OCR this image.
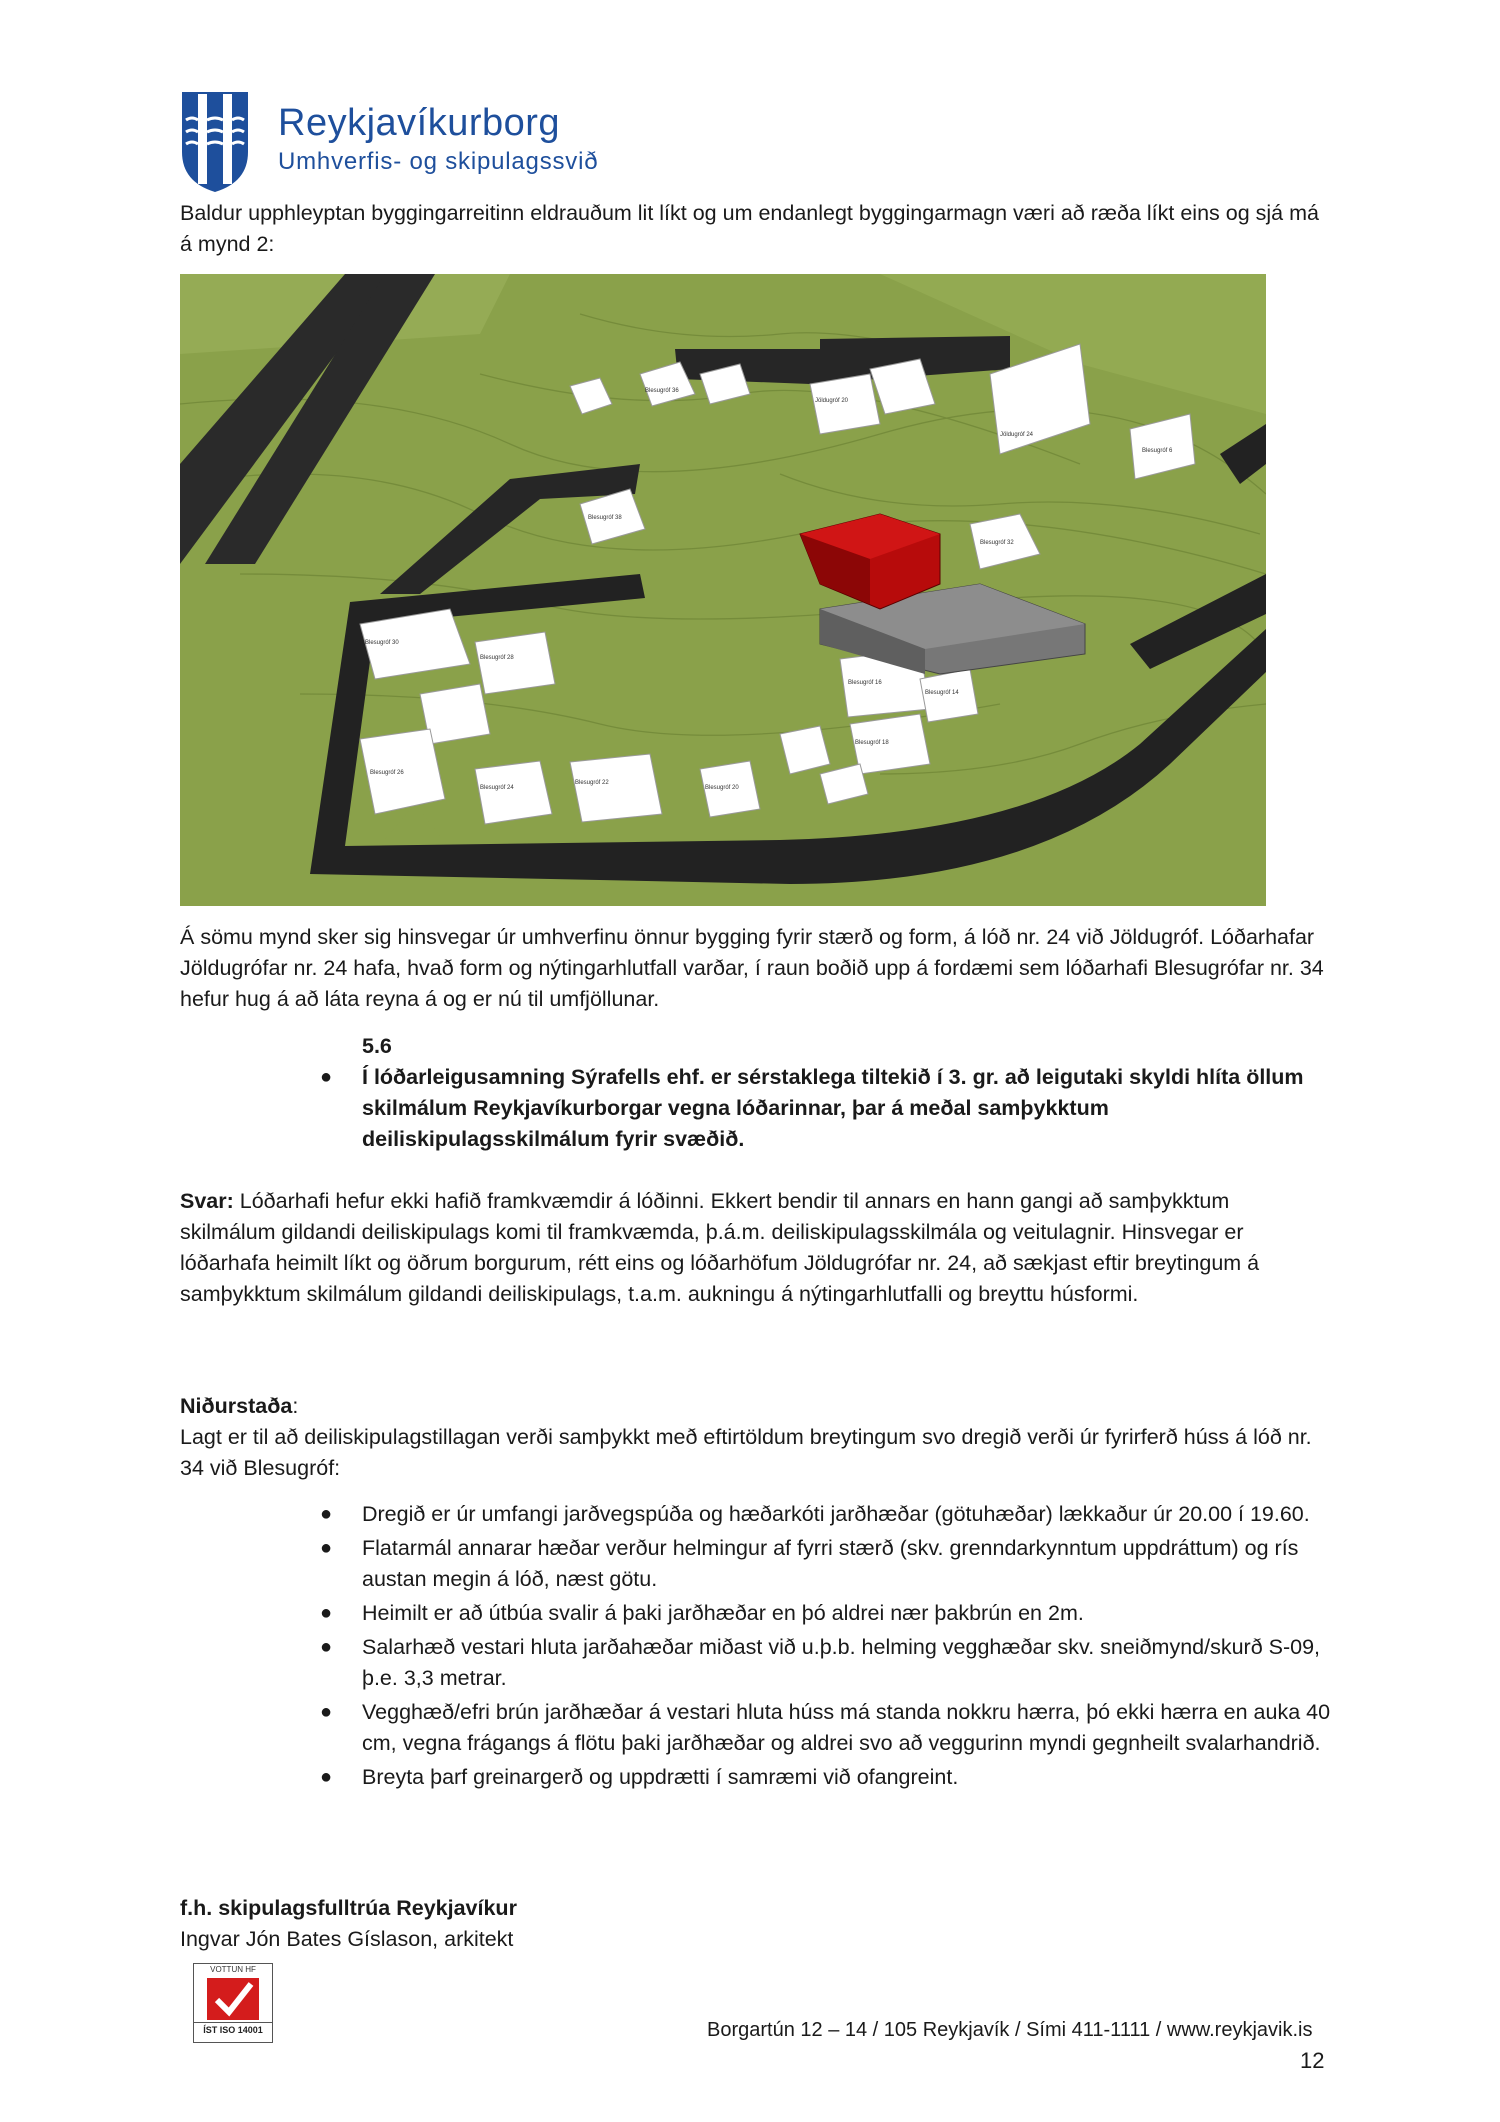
Reykjavíkurborg
Umhverfis- og skipulagssvið

Baldur upphleyptan byggingarreitinn eldrauðum lit líkt og um endanlegt byggingarmagn væri að ræða líkt eins og sjá má á mynd 2:

Jöldugróf 20
Blesugróf 36
Jöldugróf 24
Blesugróf 38
Blesugróf 6
Blesugróf 32
Blesugróf 30
Blesugróf 28
Blesugróf 26
Blesugróf 24
Blesugróf 22
Blesugróf 20
Blesugróf 18
Blesugróf 14
Blesugróf 16

Á sömu mynd sker sig hinsvegar úr umhverfinu önnur bygging fyrir stærð og form, á lóð nr. 24 við Jöldugróf. Lóðarhafar Jöldugrófar nr. 24 hafa, hvað form og nýtingarhlutfall varðar, í raun boðið upp á fordæmi sem lóðarhafi Blesugrófar nr. 34 hefur hug á að láta reyna á og er nú til umfjöllunar.

5.6
● Í lóðarleigusamning Sýrafells ehf. er sérstaklega tiltekið í 3. gr. að leigutaki skyldi hlíta öllum skilmálum Reykjavíkurborgar vegna lóðarinnar, þar á meðal samþykktum deiliskipulagsskilmálum fyrir svæðið.

Svar: Lóðarhafi hefur ekki hafið framkvæmdir á lóðinni. Ekkert bendir til annars en hann gangi að samþykktum skilmálum gildandi deiliskipulags komi til framkvæmda, þ.á.m. deiliskipulagsskilmála og veitulagnir. Hinsvegar er lóðarhafa heimilt líkt og öðrum borgurum, rétt eins og lóðarhöfum Jöldugrófar nr. 24, að sækjast eftir breytingum á samþykktum skilmálum gildandi deiliskipulags, t.a.m. aukningu á nýtingarhlutfalli og breyttu húsformi.

Niðurstaða:

Lagt er til að deiliskipulagstillagan verði samþykkt með eftirtöldum breytingum svo dregið verði úr fyrirferð húss á lóð nr. 34 við Blesugróf:

● Dregið er úr umfangi jarðvegspúða og hæðarkóti jarðhæðar (götuhæðar) lækkaður úr 20.00 í 19.60.
● Flatarmál annarar hæðar verður helmingur af fyrri stærð (skv. grenndarkynntum uppdráttum) og rís austan megin á lóð, næst götu.
● Heimilt er að útbúa svalir á þaki jarðhæðar en þó aldrei nær þakbrún en 2m.
● Salarhæð vestari hluta jarðahæðar miðast við u.þ.b. helming vegghæðar skv. sneiðmynd/skurð S-09, þ.e. 3,3 metrar.
● Vegghæð/efri brún jarðhæðar á vestari hluta húss má standa nokkru hærra, þó ekki hærra en auka 40 cm, vegna frágangs á flötu þaki jarðhæðar og aldrei svo að veggurinn myndi gegnheilt svalarhandrið.
● Breyta þarf greinargerð og uppdrætti í samræmi við ofangreint.
f.h. skipulagsfulltrúa Reykjavíkur
Ingvar Jón Bates Gíslason, arkitekt
VOTTUN HF
ÍST ISO 14001	Borgartún 12 – 14 / 105 Reykjavík / Sími 411-1111 / www.reykjavik.is
12
